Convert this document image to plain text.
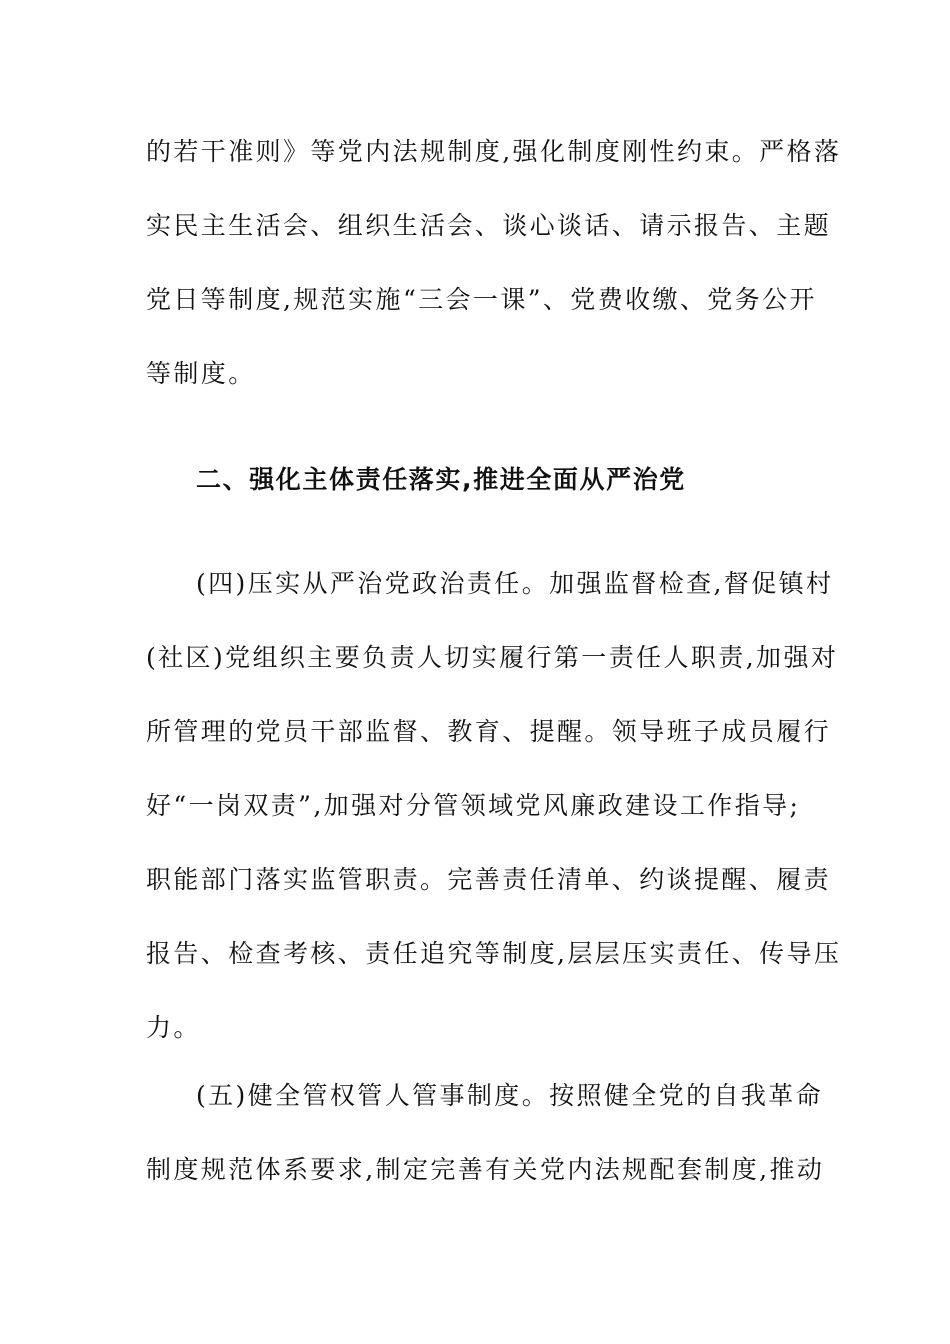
的若干准则》等党内法规制度,强化制度刚性约束。严格落
实民主生活会、组织生活会、谈心谈话、请示报告、主题
党日等制度,规范实施“三会一课”、党费收缴、党务公开
等制度。
二、强化主体责任落实,推进全面从严治党
(四)压实从严治党政治责任。加强监督检查,督促镇村
(社区)党组织主要负责人切实履行第一责任人职责,加强对
所管理的党员干部监督、教育、提醒。领导班子成员履行
好“一岗双责”,加强对分管领域党风廉政建设工作指导;
职能部门落实监管职责。完善责任清单、约谈提醒、履责
报告、检查考核、责任追究等制度,层层压实责任、传导压
力。
(五)健全管权管人管事制度。按照健全党的自我革命
制度规范体系要求,制定完善有关党内法规配套制度,推动
